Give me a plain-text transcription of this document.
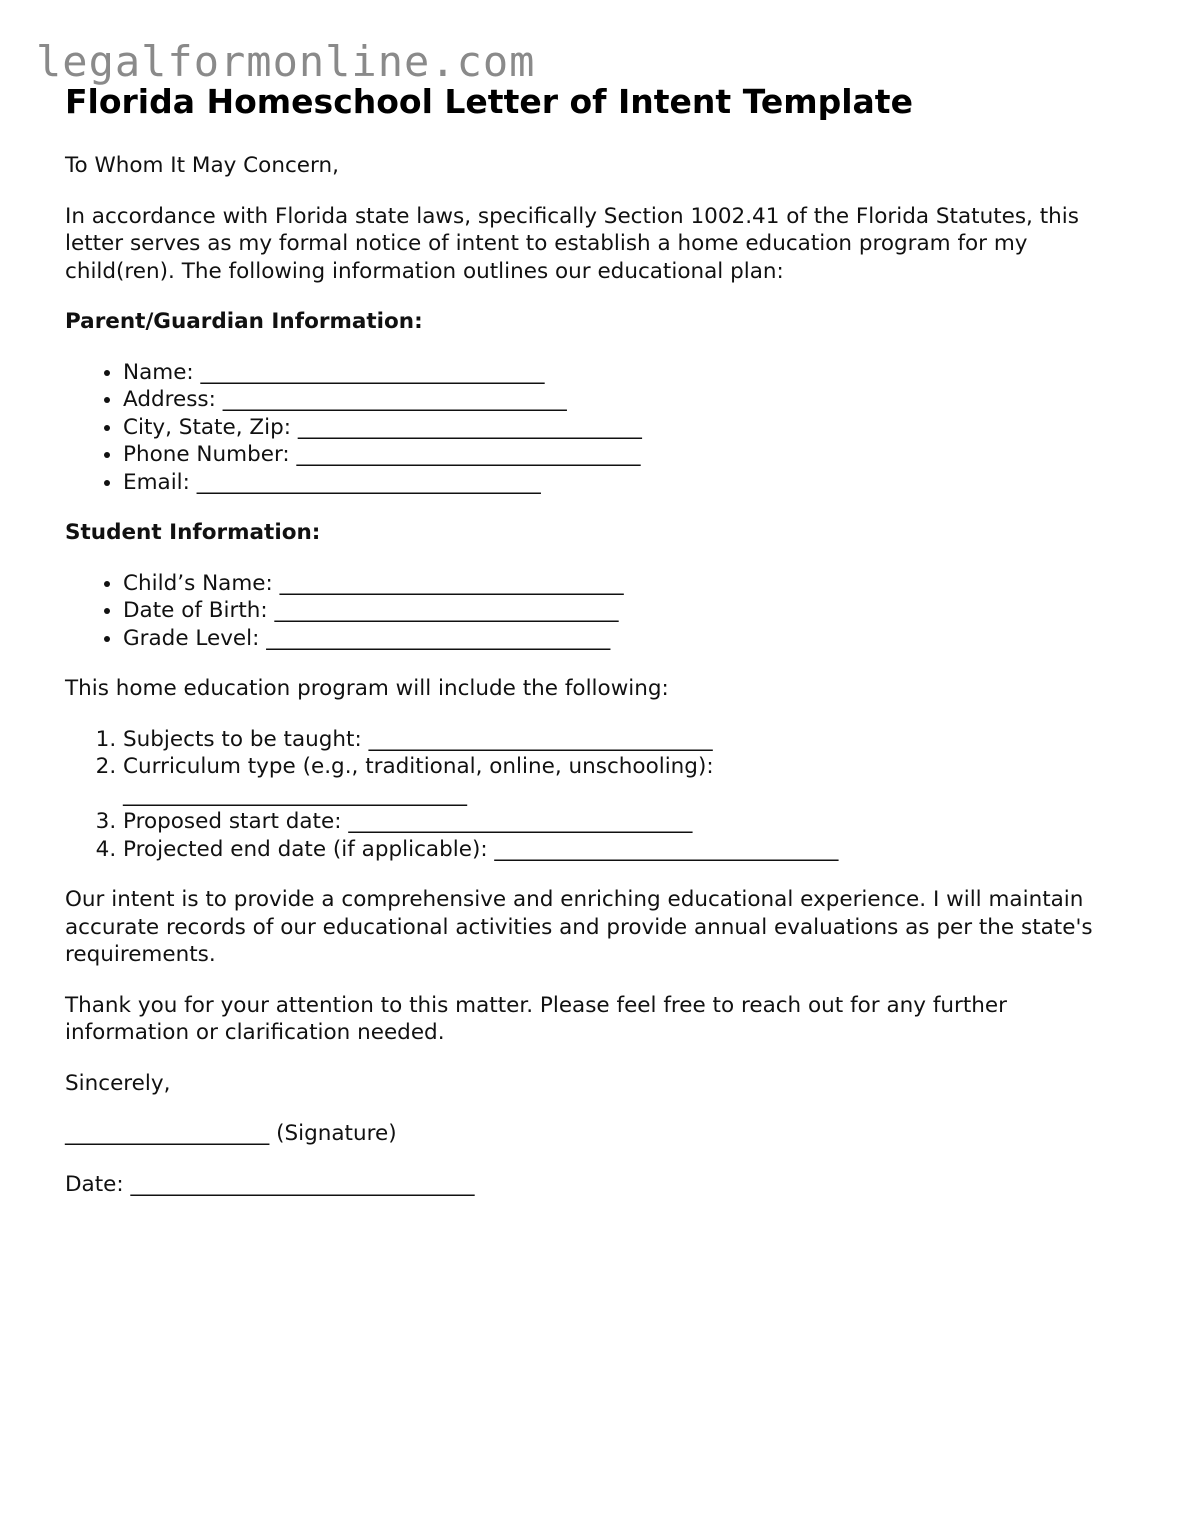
legalformonline.com
Florida Homeschool Letter of Intent Template

To Whom It May Concern,

In accordance with Florida state laws, specifically Section 1002.41 of the Florida Statutes, this letter serves as my formal notice of intent to establish a home education program for my child(ren). The following information outlines our educational plan:

Parent/Guardian Information:

• Name: ________________________________
• Address: ________________________________
• City, State, Zip: ________________________________
• Phone Number: ________________________________
• Email: ________________________________

Student Information:

• Child’s Name: ________________________________
• Date of Birth: ________________________________
• Grade Level: ________________________________

This home education program will include the following:

1. Subjects to be taught: ________________________________
2. Curriculum type (e.g., traditional, online, unschooling):
________________________________
3. Proposed start date: ________________________________
4. Projected end date (if applicable): ________________________________

Our intent is to provide a comprehensive and enriching educational experience. I will maintain accurate records of our educational activities and provide annual evaluations as per the state's requirements.

Thank you for your attention to this matter. Please feel free to reach out for any further information or clarification needed.

Sincerely,

___________________ (Signature)

Date: ________________________________
